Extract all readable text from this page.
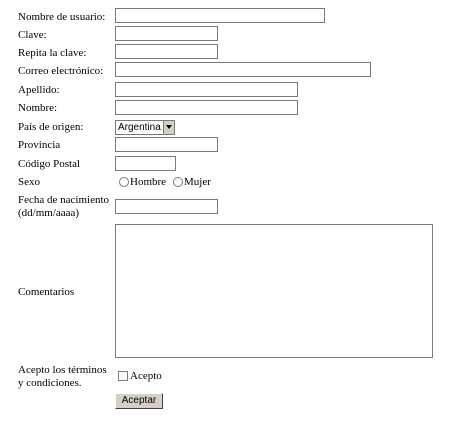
Nombre de usuario:
Clave:
Repita la clave:
Correo electrónico:
Apellido:
Nombre:
País de origen:
Provincia
Código Postal
Sexo
Fecha de nacimiento
(dd/mm/aaaa)
Comentarios
Acepto los términos
y condiciones.
Argentina
Hombre Mujer
Acepto
Aceptar
